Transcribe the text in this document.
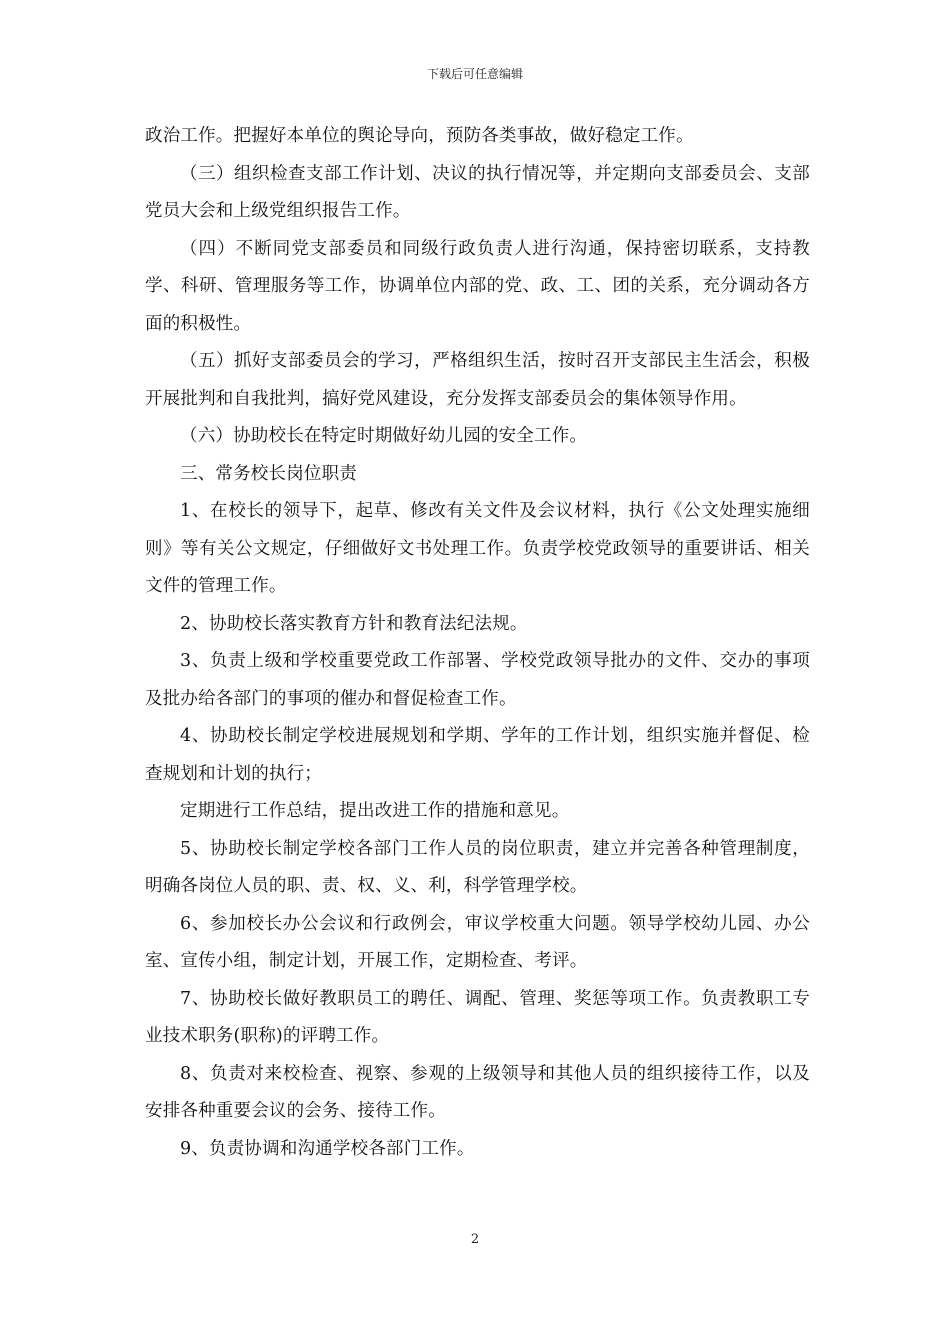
下载后可任意编辑

政治工作。把握好本单位的舆论导向，预防各类事故，做好稳定工作。

（三）组织检查支部工作计划、决议的执行情况等，并定期向支部委员会、支部党员大会和上级党组织报告工作。

（四）不断同党支部委员和同级行政负责人进行沟通，保持密切联系，支持教学、科研、管理服务等工作，协调单位内部的党、政、工、团的关系，充分调动各方面的积极性。

（五）抓好支部委员会的学习，严格组织生活，按时召开支部民主生活会，积极开展批判和自我批判，搞好党风建设，充分发挥支部委员会的集体领导作用。

（六）协助校长在特定时期做好幼儿园的安全工作。

三、常务校长岗位职责

1、在校长的领导下，起草、修改有关文件及会议材料，执行《公文处理实施细则》等有关公文规定，仔细做好文书处理工作。负责学校党政领导的重要讲话、相关文件的管理工作。

2、协助校长落实教育方针和教育法纪法规。

3、负责上级和学校重要党政工作部署、学校党政领导批办的文件、交办的事项及批办给各部门的事项的催办和督促检查工作。

4、协助校长制定学校进展规划和学期、学年的工作计划，组织实施并督促、检查规划和计划的执行；

定期进行工作总结，提出改进工作的措施和意见。

5、协助校长制定学校各部门工作人员的岗位职责，建立并完善各种管理制度，明确各岗位人员的职、责、权、义、利，科学管理学校。

6、参加校长办公会议和行政例会，审议学校重大问题。领导学校幼儿园、办公室、宣传小组，制定计划，开展工作，定期检查、考评。

7、协助校长做好教职员工的聘任、调配、管理、奖惩等项工作。负责教职工专业技术职务(职称)的评聘工作。

8、负责对来校检查、视察、参观的上级领导和其他人员的组织接待工作，以及安排各种重要会议的会务、接待工作。

9、负责协调和沟通学校各部门工作。

2
